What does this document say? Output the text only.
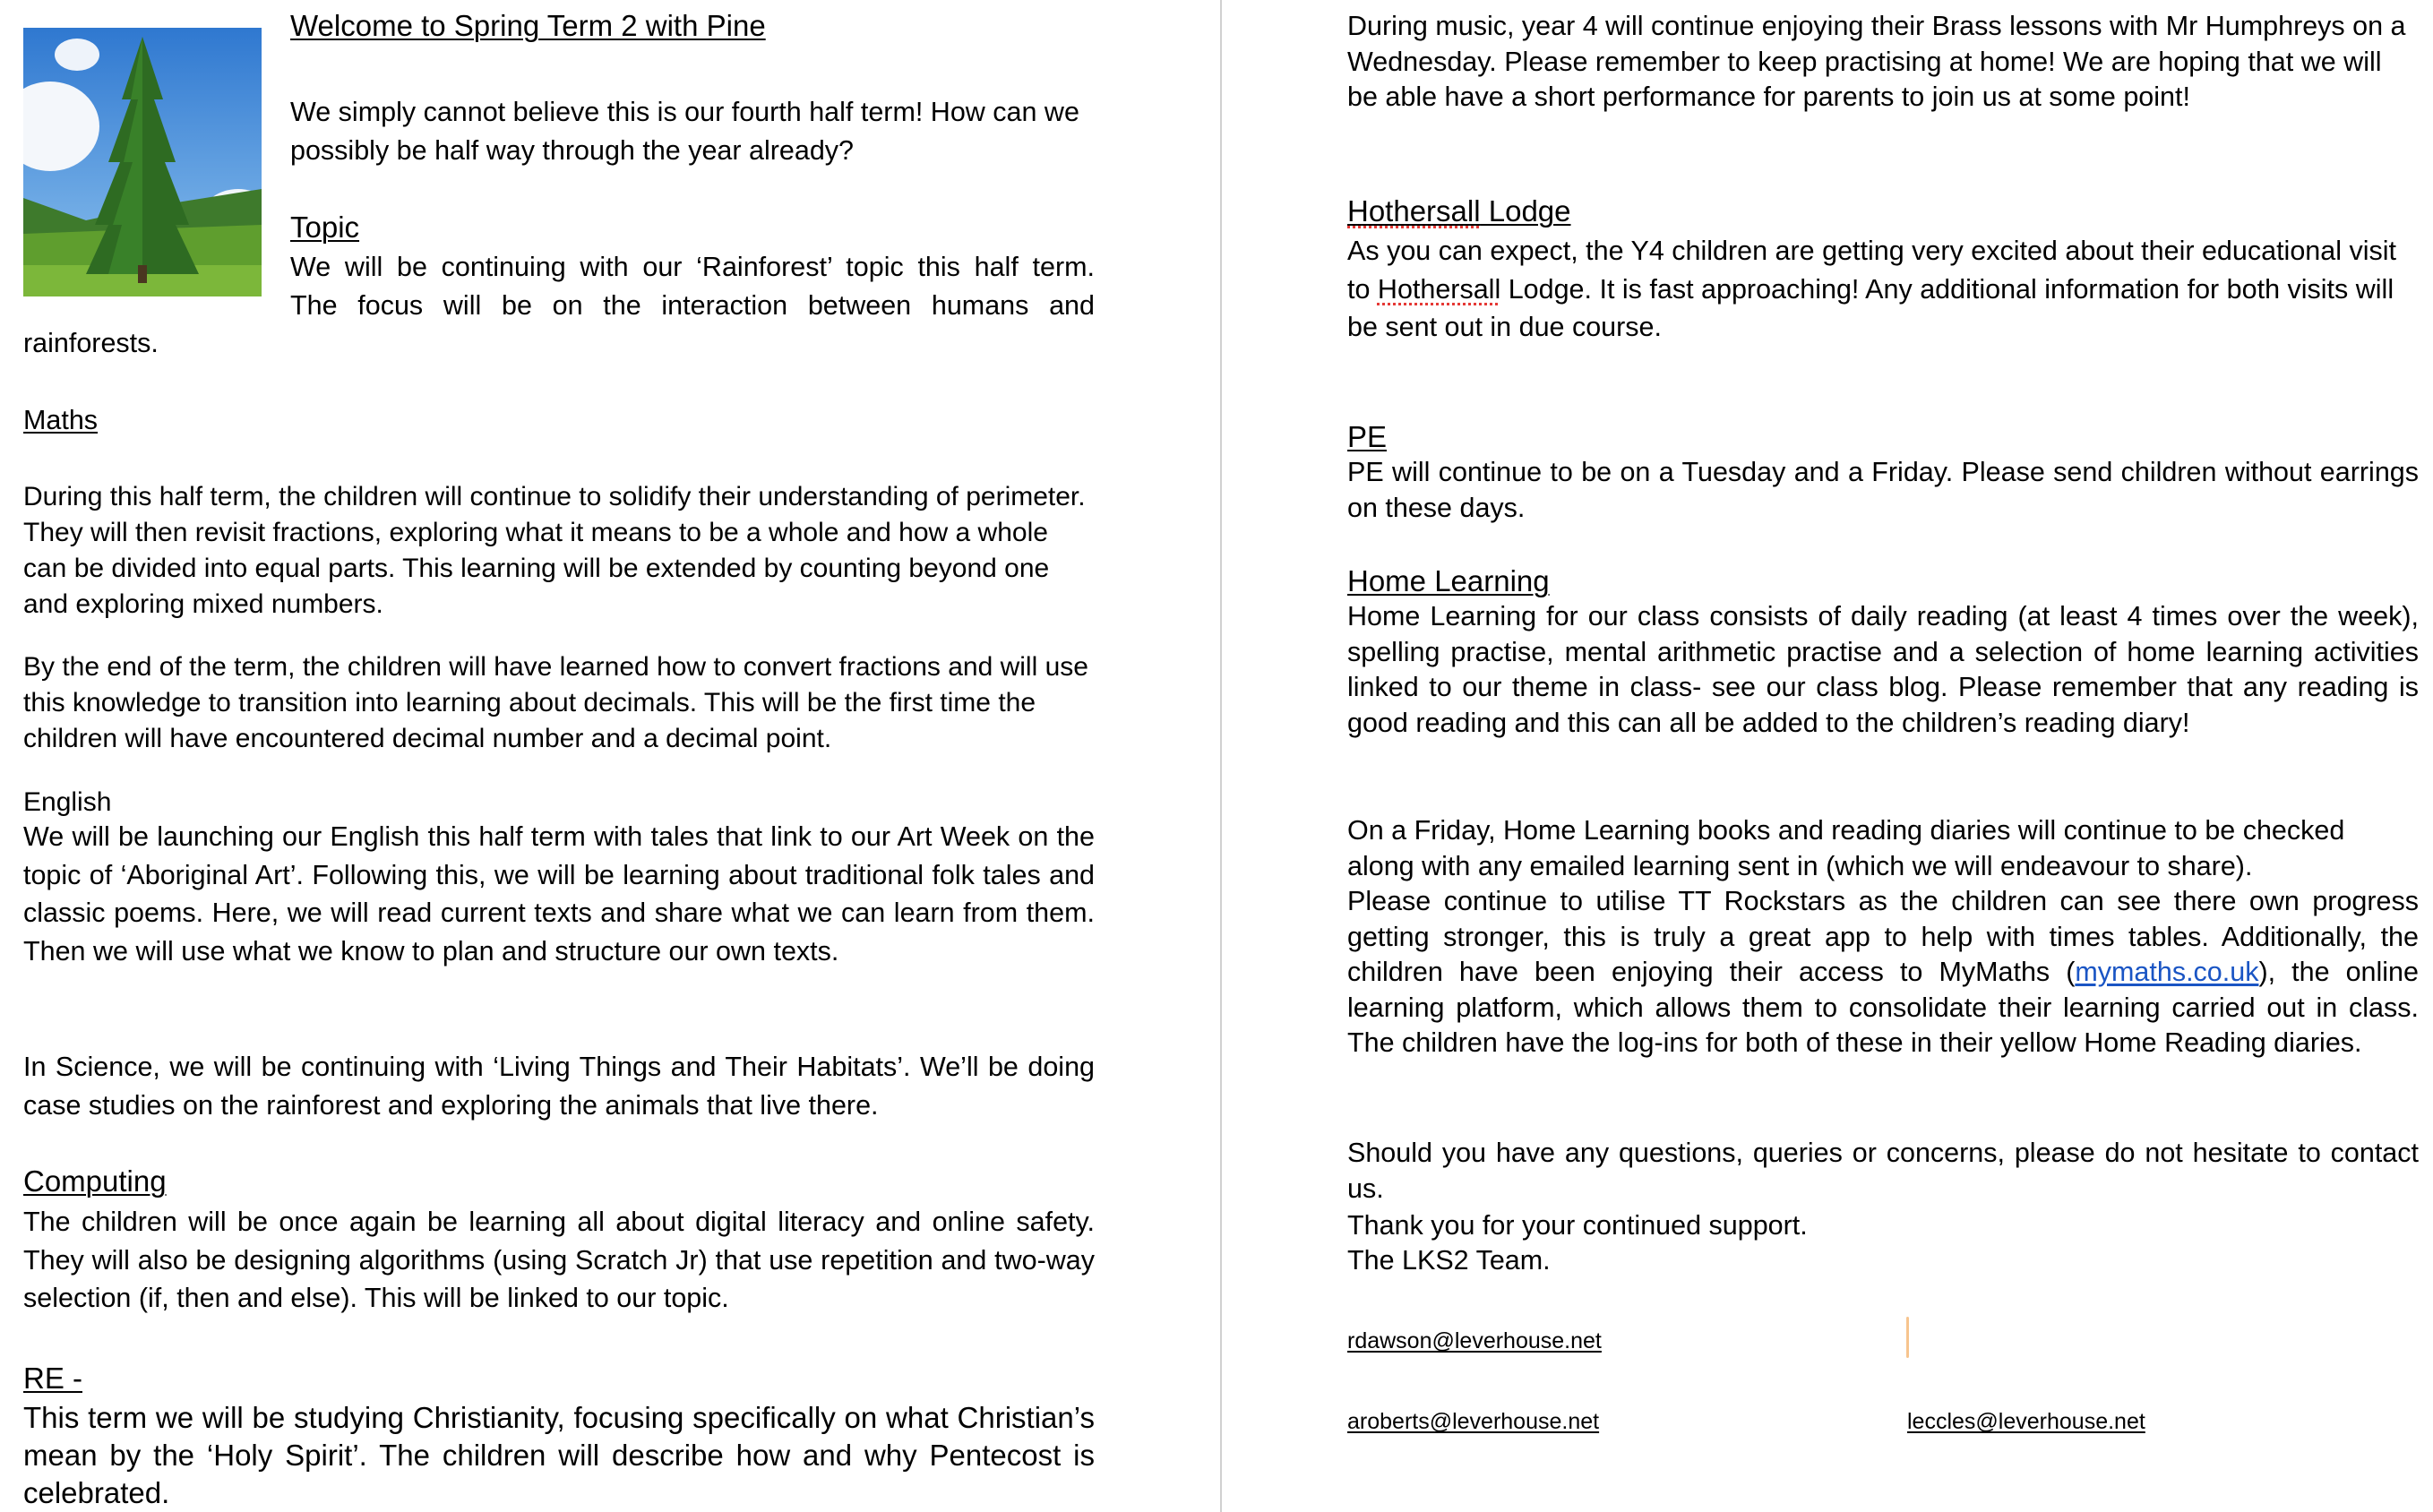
Welcome to Spring Term 2 with Pine
We simply cannot believe this is our fourth half term! How can we possibly be half way through the year already?
Topic
We will be continuing with our ‘Rainforest’ topic this half term.
The focus will be on the interaction between humans and
rainforests.
Maths
During this half term, the children will continue to solidify their understanding of perimeter. They will then revisit fractions, exploring what it means to be a whole and how a whole can be divided into equal parts. This learning will be extended by counting beyond one and exploring mixed numbers.
By the end of the term, the children will have learned how to convert fractions and will use this knowledge to transition into learning about decimals. This will be the first time the children will have encountered decimal number and a decimal point.
English
We will be launching our English this half term with tales that link to our Art Week on the topic of ‘Aboriginal Art’. Following this, we will be learning about traditional folk tales and classic poems. Here, we will read current texts and share what we can learn from them. Then we will use what we know to plan and structure our own texts.
In Science, we will be continuing with ‘Living Things and Their Habitats’. We’ll be doing case studies on the rainforest and exploring the animals that live there.
Computing
The children will be once again be learning all about digital literacy and online safety. They will also be designing algorithms (using Scratch Jr) that use repetition and two-way selection (if, then and else). This will be linked to our topic.
RE -
This term we will be studying Christianity, focusing specifically on what Christian’s mean by the ‘Holy Spirit’. The children will describe how and why Pentecost is celebrated.
During music, year 4 will continue enjoying their Brass lessons with Mr Humphreys on a Wednesday. Please remember to keep practising at home! We are hoping that we will be able have a short performance for parents to join us at some point!
Hothersall Lodge
As you can expect, the Y4 children are getting very excited about their educational visit to Hothersall Lodge. It is fast approaching! Any additional information for both visits will be sent out in due course.
PE
PE will continue to be on a Tuesday and a Friday. Please send children without earrings on these days.
Home Learning
Home Learning for our class consists of daily reading (at least 4 times over the week), spelling practise, mental arithmetic practise and a selection of home learning activities linked to our theme in class- see our class blog. Please remember that any reading is good reading and this can all be added to the children’s reading diary!
On a Friday, Home Learning books and reading diaries will continue to be checked along with any emailed learning sent in (which we will endeavour to share).
Please continue to utilise TT Rockstars as the children can see there own progress getting stronger, this is truly a great app to help with times tables. Additionally, the children have been enjoying their access to MyMaths (mymaths.co.uk), the online learning platform, which allows them to consolidate their learning carried out in class. The children have the log-ins for both of these in their yellow Home Reading diaries.
Should you have any questions, queries or concerns, please do not hesitate to contact us.
Thank you for your continued support.
The LKS2 Team.
rdawson@leverhouse.net
aroberts@leverhouse.net	leccles@leverhouse.net
